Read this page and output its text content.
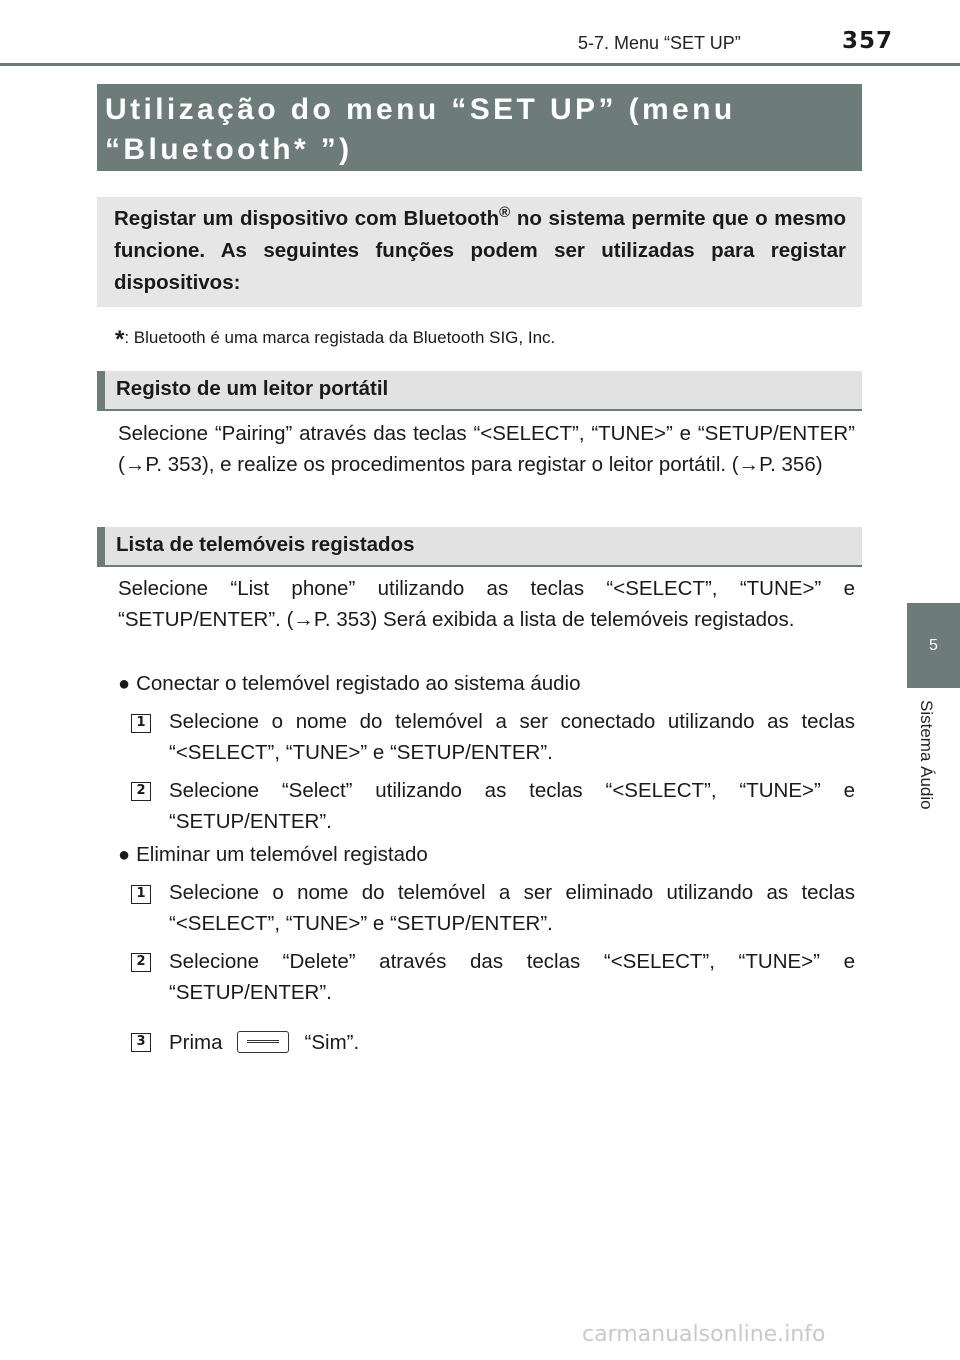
357
5-7. Menu “SET UP”
5
Sistema Áudio
Utilização do menu “SET UP” (menu
“Bluetooth* ”)
Registar um dispositivo com Bluetooth® no sistema permite que o mesmo funcione. As seguintes funções podem ser utilizadas para registar dispositivos:
*: Bluetooth é uma marca registada da Bluetooth SIG, Inc.
Registo de um leitor portátil
Selecione “Pairing” através das teclas “<SELECT”, “TUNE>” e “SETUP/ENTER” (→P. 353), e realize os procedimentos para registar o leitor portátil. (→P. 356)
Lista de telemóveis registados
Selecione “List phone” utilizando as teclas “<SELECT”, “TUNE>” e “SETUP/ENTER”. (→P. 353) Será exibida a lista de telemóveis registados.
● Conectar o telemóvel registado ao sistema áudio
1 Selecione o nome do telemóvel a ser conectado utilizando as teclas “<SELECT”, “TUNE>” e “SETUP/ENTER”.
2 Selecione “Select” utilizando as teclas “<SELECT”, “TUNE>” e “SETUP/ENTER”.
● Eliminar um telemóvel registado
1 Selecione o nome do telemóvel a ser eliminado utilizando as teclas “<SELECT”, “TUNE>” e “SETUP/ENTER”.
2 Selecione “Delete” através das teclas “<SELECT”, “TUNE>” e “SETUP/ENTER”.
3 Prima	“Sim”.
carmanualsonline.info
